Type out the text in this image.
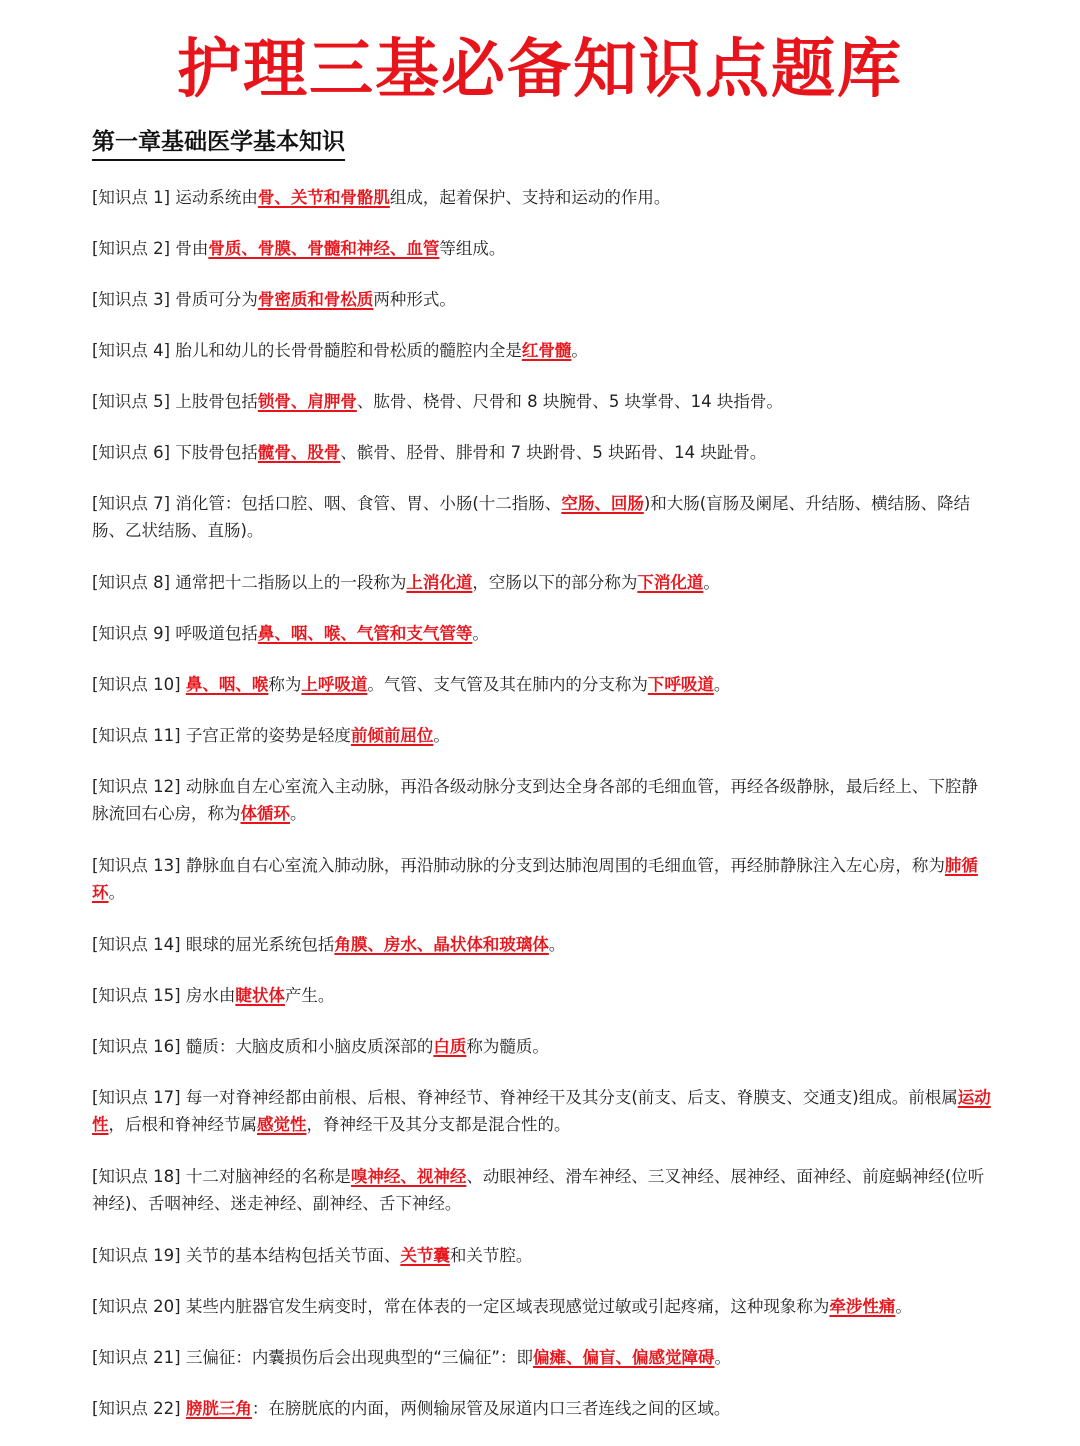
护理三基必备知识点题库
第一章基础医学基本知识

[知识点 1] 运动系统由骨、关节和骨骼肌组成，起着保护、支持和运动的作用。

[知识点 2] 骨由骨质、骨膜、骨髓和神经、血管等组成。

[知识点 3] 骨质可分为骨密质和骨松质两种形式。

[知识点 4] 胎儿和幼儿的长骨骨髓腔和骨松质的髓腔内全是红骨髓。

[知识点 5] 上肢骨包括锁骨、肩胛骨、肱骨、桡骨、尺骨和 8 块腕骨、5 块掌骨、14 块指骨。

[知识点 6] 下肢骨包括髋骨、股骨、髌骨、胫骨、腓骨和 7 块跗骨、5 块跖骨、14 块趾骨。

[知识点 7] 消化管：包括口腔、咽、食管、胃、小肠(十二指肠、空肠、回肠)和大肠(盲肠及阑尾、升结肠、横结肠、降结肠、乙状结肠、直肠)。

[知识点 8] 通常把十二指肠以上的一段称为上消化道，空肠以下的部分称为下消化道。

[知识点 9] 呼吸道包括鼻、咽、喉、气管和支气管等。

[知识点 10] 鼻、咽、喉称为上呼吸道。气管、支气管及其在肺内的分支称为下呼吸道。

[知识点 11] 子宫正常的姿势是轻度前倾前屈位。

[知识点 12] 动脉血自左心室流入主动脉，再沿各级动脉分支到达全身各部的毛细血管，再经各级静脉，最后经上、下腔静脉流回右心房，称为体循环。

[知识点 13] 静脉血自右心室流入肺动脉，再沿肺动脉的分支到达肺泡周围的毛细血管，再经肺静脉注入左心房，称为肺循环。

[知识点 14] 眼球的屈光系统包括角膜、房水、晶状体和玻璃体。

[知识点 15] 房水由睫状体产生。

[知识点 16] 髓质：大脑皮质和小脑皮质深部的白质称为髓质。

[知识点 17] 每一对脊神经都由前根、后根、脊神经节、脊神经干及其分支(前支、后支、脊膜支、交通支)组成。前根属运动性，后根和脊神经节属感觉性，脊神经干及其分支都是混合性的。

[知识点 18] 十二对脑神经的名称是嗅神经、视神经、动眼神经、滑车神经、三叉神经、展神经、面神经、前庭蜗神经(位听神经)、舌咽神经、迷走神经、副神经、舌下神经。

[知识点 19] 关节的基本结构包括关节面、关节囊和关节腔。

[知识点 20] 某些内脏器官发生病变时，常在体表的一定区域表现感觉过敏或引起疼痛，这种现象称为牵涉性痛。

[知识点 21] 三偏征：内囊损伤后会出现典型的“三偏征”：即偏瘫、偏盲、偏感觉障碍。

[知识点 22] 膀胱三角：在膀胱底的内面，两侧输尿管及尿道内口三者连线之间的区域。
